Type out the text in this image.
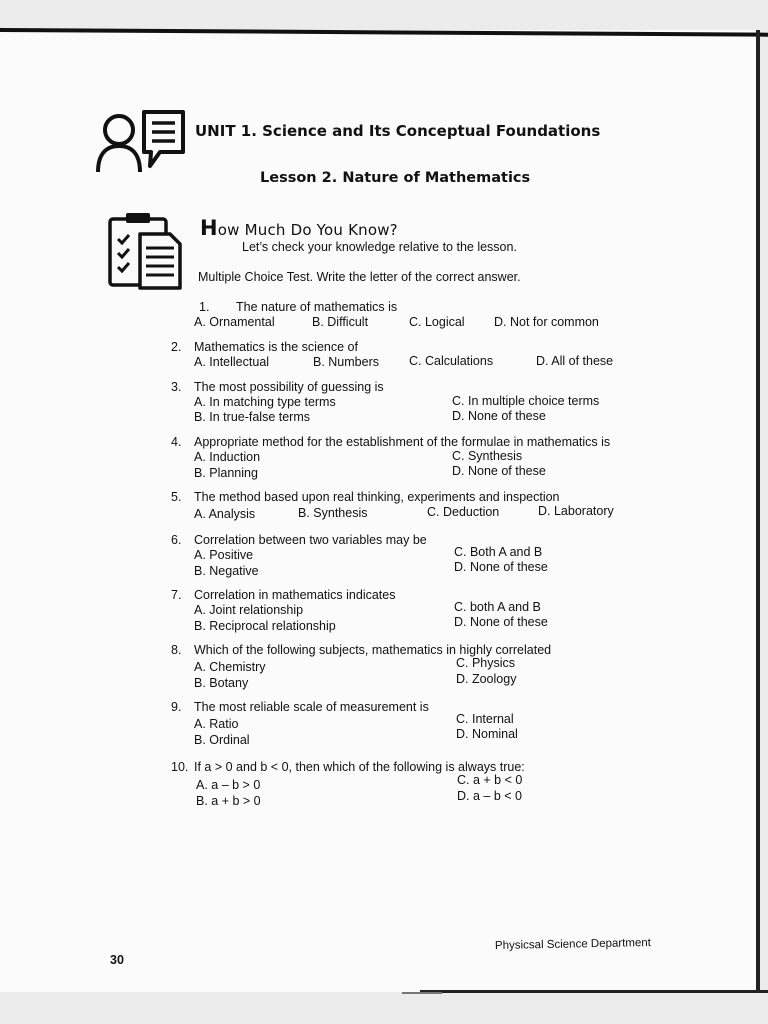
UNIT 1. Science and Its Conceptual Foundations
Lesson 2. Nature of Mathematics
How Much Do You Know?
Let’s check your knowledge relative to the lesson.
Multiple Choice Test. Write the letter of the correct answer.
1. The nature of mathematics is
A. Ornamental	B. Difficult	C. Logical D. Not for common
2. Mathematics is the science of
A. Intellectual	B. Numbers C. Calculations	D. All of these
3. The most possibility of guessing is
A. In matching type terms
B. In true-false terms
C. In multiple choice terms
D. None of these
4. Appropriate method for the establishment of the formulae in mathematics is
A. Induction
B. Planning
C. Synthesis
D. None of these
5. The method based upon real thinking, experiments and inspection
A. Analysis	B. Synthesis	C. Deduction	D. Laboratory
6. Correlation between two variables may be
A. Positive
B. Negative
C. Both A and B
D. None of these
7. Correlation in mathematics indicates
A. Joint relationship
B. Reciprocal relationship
C. both A and B
D. None of these
8. Which of the following subjects, mathematics in highly correlated
A. Chemistry
B. Botany
C. Physics
D. Zoology
9. The most reliable scale of measurement is
A. Ratio
B. Ordinal
C. Internal
D. Nominal
10. If a > 0 and b < 0, then which of the following is always true:
A. a – b > 0
B. a + b > 0
C. a + b < 0
D. a – b < 0
Physicsal Science Department
30
